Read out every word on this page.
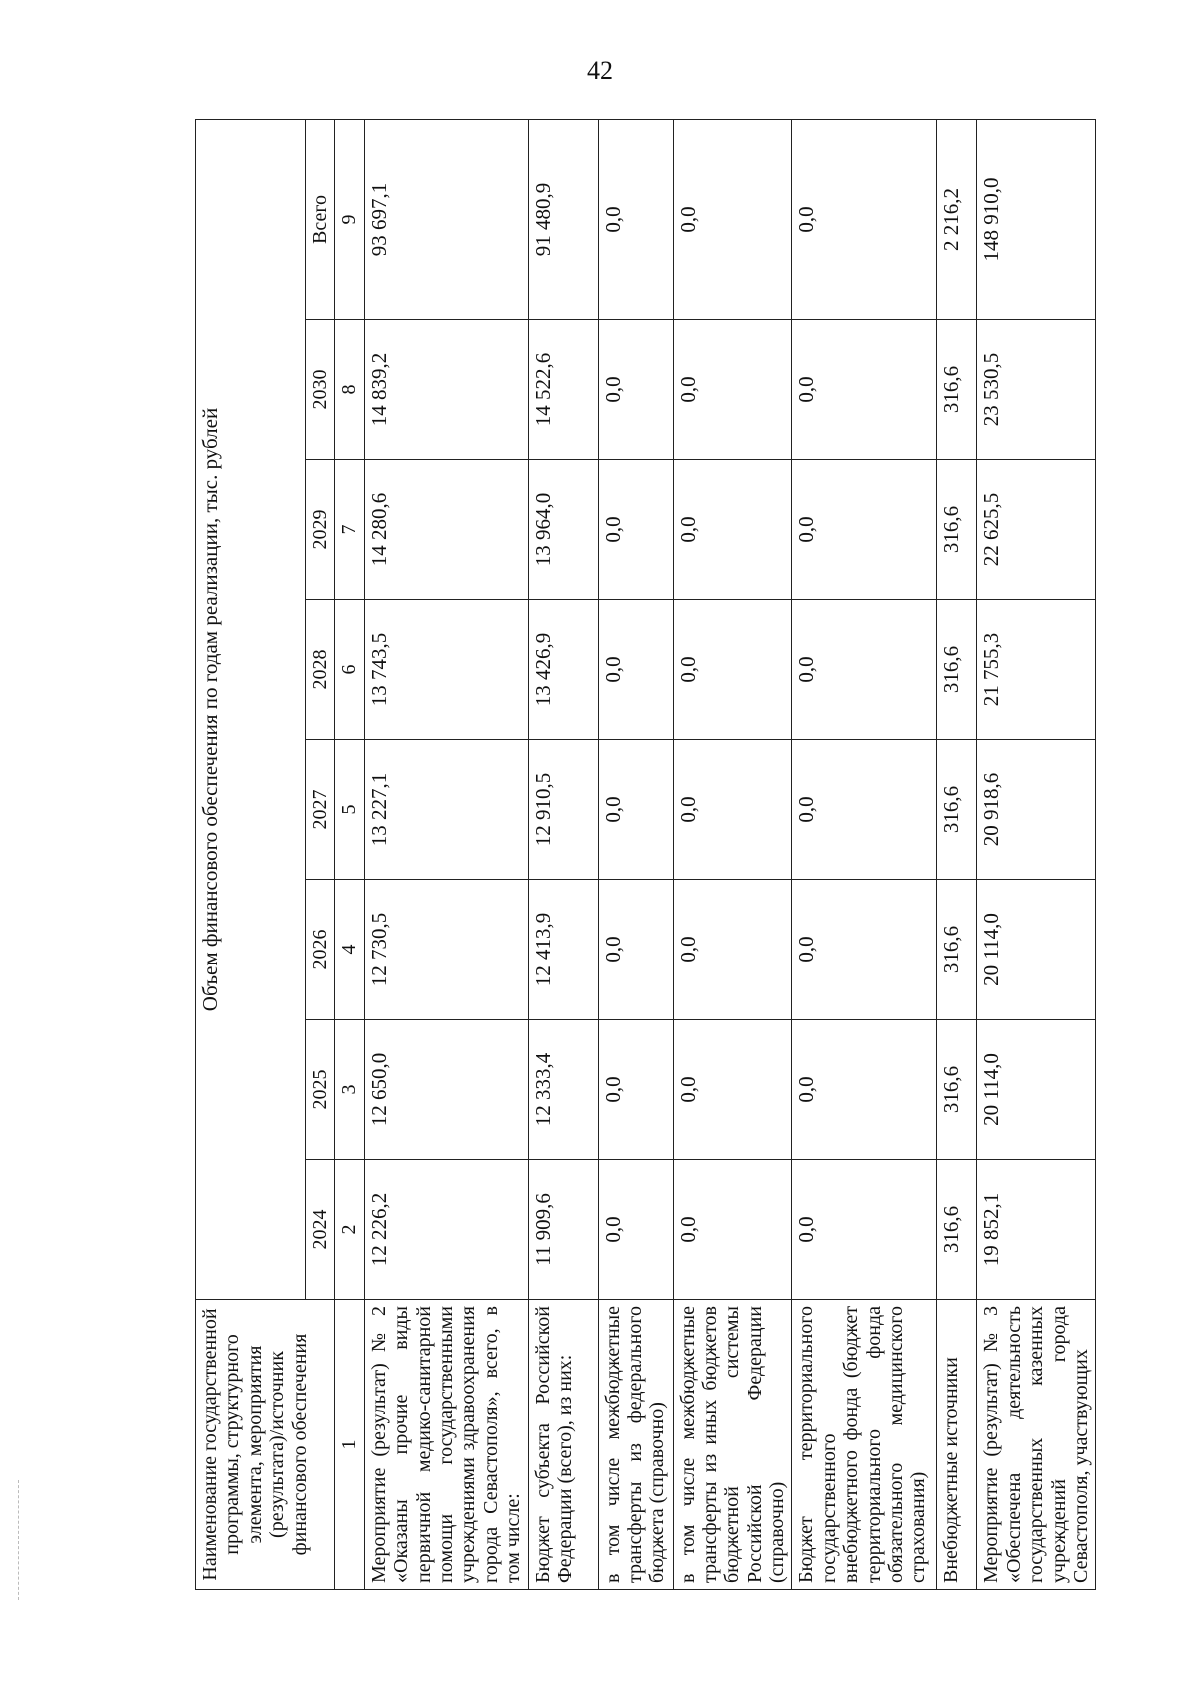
42
Наименование государственной программы, структурного элемента, мероприятия (результата)/источник финансового обеспечения	Объем финансового обеспечения по годам реализации, тыс. рублей							
	2024	2025	2026	2027	2028	2029	2030	Всего
1	2	3	4	5	6	7	8	9
Мероприятие (результат) № 2 «Оказаны прочие виды первичной медико-санитарной помощи государственными учреждениями здравоохранения города Севастополя», всего, в том числе:	12 226,2	12 650,0	12 730,5	13 227,1	13 743,5	14 280,6	14 839,2	93 697,1
Бюджет субъекта Российской Федерации (всего), из них:	11 909,6	12 333,4	12 413,9	12 910,5	13 426,9	13 964,0	14 522,6	91 480,9
в том числе межбюджетные трансферты из федерального бюджета (справочно)	0,0	0,0	0,0	0,0	0,0	0,0	0,0	0,0
в том числе межбюджетные трансферты из иных бюджетов бюджетной системы Российской Федерации (справочно)	0,0	0,0	0,0	0,0	0,0	0,0	0,0	0,0
Бюджет территориального государственного внебюджетного фонда (бюджет территориального фонда обязательного медицинского страхования)	0,0	0,0	0,0	0,0	0,0	0,0	0,0	0,0
Внебюджетные источники	316,6	316,6	316,6	316,6	316,6	316,6	316,6	2 216,2
Мероприятие (результат) № 3 «Обеспечена деятельность государственных казенных учреждений города Севастополя, участвующих	19 852,1	20 114,0	20 114,0	20 918,6	21 755,3	22 625,5	23 530,5	148 910,0
